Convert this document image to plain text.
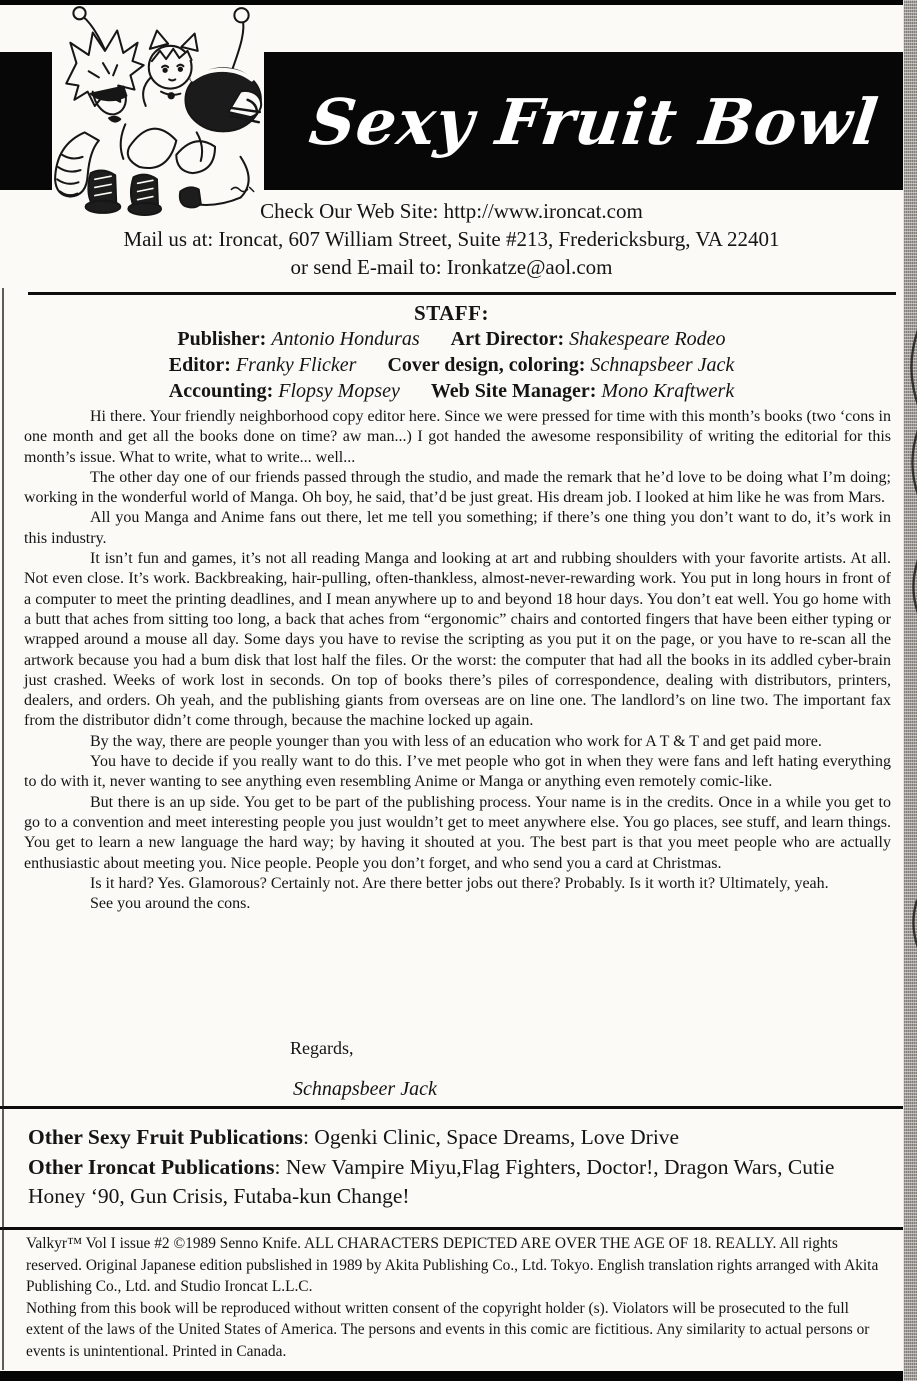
Sexy Fruit Bowl
Check Our Web Site: http://www.ironcat.com
Mail us at: Ironcat, 607 William Street, Suite #213, Fredericksburg, VA 22401
or send E-mail to: Ironkatze@aol.com
STAFF:
Publisher: Antonio Honduras Art Director: Shakespeare Rodeo
Editor: Franky Flicker Cover design, coloring: Schnapsbeer Jack
Accounting: Flopsy Mopsey Web Site Manager: Mono Kraftwerk

Hi there. Your friendly neighborhood copy editor here. Since we were pressed for time with this month’s books (two ‘cons in one month and get all the books done on time? aw man...) I got handed the awesome responsibility of writing the editorial for this month’s issue. What to write, what to write... well...

The other day one of our friends passed through the studio, and made the remark that he’d love to be doing what I’m doing; working in the wonderful world of Manga. Oh boy, he said, that’d be just great. His dream job. I looked at him like he was from Mars.

All you Manga and Anime fans out there, let me tell you something; if there’s one thing you don’t want to do, it’s work in this industry.

It isn’t fun and games, it’s not all reading Manga and looking at art and rubbing shoulders with your favorite artists. At all. Not even close. It’s work. Backbreaking, hair-pulling, often-thankless, almost-never-rewarding work. You put in long hours in front of a computer to meet the printing deadlines, and I mean anywhere up to and beyond 18 hour days. You don’t eat well. You go home with a butt that aches from sitting too long, a back that aches from “ergonomic” chairs and contorted fingers that have been either typing or wrapped around a mouse all day. Some days you have to revise the scripting as you put it on the page, or you have to re-scan all the artwork because you had a bum disk that lost half the files. Or the worst: the computer that had all the books in its addled cyber-brain just crashed. Weeks of work lost in seconds. On top of books there’s piles of correspondence, dealing with distributors, printers, dealers, and orders. Oh yeah, and the publishing giants from overseas are on line one. The landlord’s on line two. The important fax from the distributor didn’t come through, because the machine locked up again.

By the way, there are people younger than you with less of an education who work for A T & T and get paid more.

You have to decide if you really want to do this. I’ve met people who got in when they were fans and left hating everything to do with it, never wanting to see anything even resembling Anime or Manga or anything even remotely comic-like.

But there is an up side. You get to be part of the publishing process. Your name is in the credits. Once in a while you get to go to a convention and meet interesting people you just wouldn’t get to meet anywhere else. You go places, see stuff, and learn things. You get to learn a new language the hard way; by having it shouted at you. The best part is that you meet people who are actually enthusiastic about meeting you. Nice people. People you don’t forget, and who send you a card at Christmas.

Is it hard? Yes. Glamorous? Certainly not. Are there better jobs out there? Probably. Is it worth it? Ultimately, yeah.

See you around the cons.

Regards,
Schnapsbeer Jack
Other Sexy Fruit Publications: Ogenki Clinic, Space Dreams, Love Drive
Other Ironcat Publications: New Vampire Miyu,Flag Fighters, Doctor!, Dragon Wars, Cutie Honey ‘90, Gun Crisis, Futaba-kun Change!

Valkyr™ Vol I issue #2 ©1989 Senno Knife. ALL CHARACTERS DEPICTED ARE OVER THE AGE OF 18. REALLY. All rights reserved. Original Japanese edition pubslished in 1989 by Akita Publishing Co., Ltd. Tokyo. English translation rights arranged with Akita Publishing Co., Ltd. and Studio Ironcat L.L.C.

Nothing from this book will be reproduced without written consent of the copyright holder (s). Violators will be prosecuted to the full extent of the laws of the United States of America. The persons and events in this comic are fictitious. Any similarity to actual persons or events is unintentional. Printed in Canada.
